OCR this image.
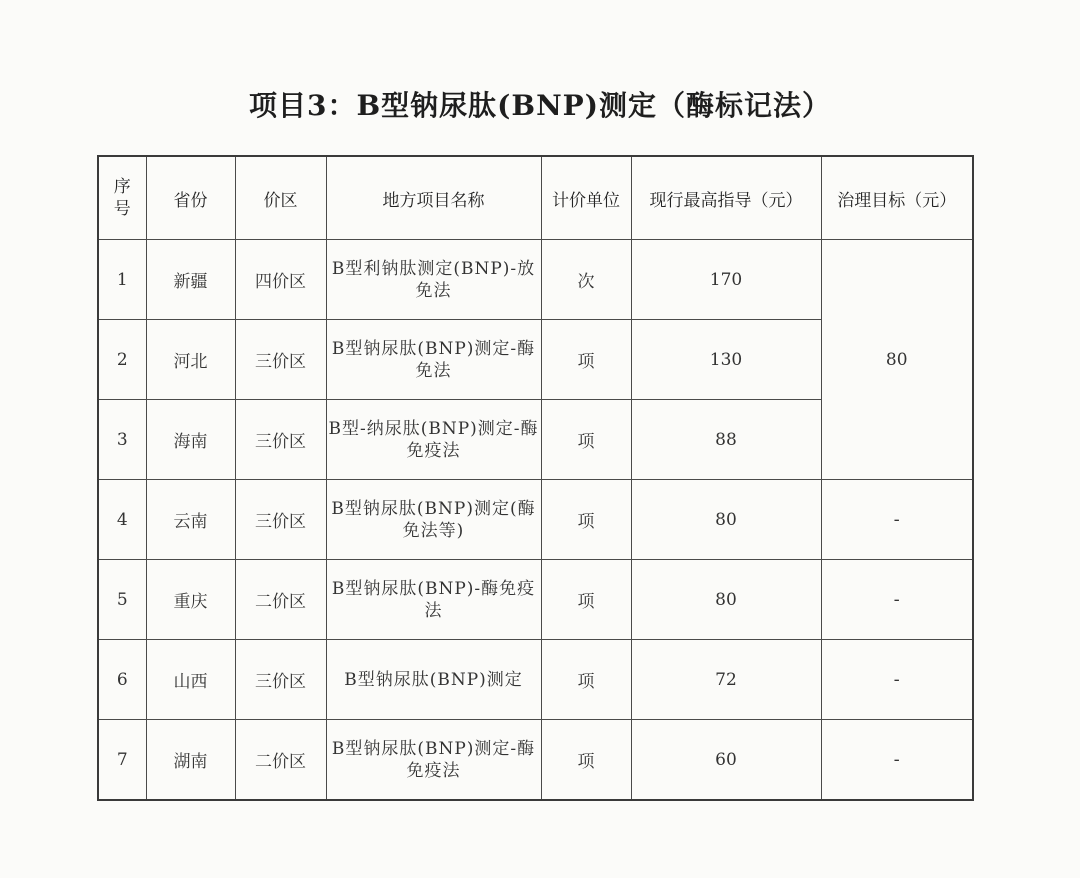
项目3：B型钠尿肽(BNP)测定（酶标记法）
序
号	省份	价区	地方项目名称	计价单位	现行最高指导（元）	治理目标（元）
1	新疆	四价区	B型利钠肽测定(BNP)-放免法	次	170	80
2	河北	三价区	B型钠尿肽(BNP)测定-酶免法	项	130	
3	海南	三价区	B型-纳尿肽(BNP)测定-酶免疫法	项	88	
4	云南	三价区	B型钠尿肽(BNP)测定(酶免法等)	项	80	-
5	重庆	二价区	B型钠尿肽(BNP)-酶免疫法	项	80	-
6	山西	三价区	B型钠尿肽(BNP)测定	项	72	-
7	湖南	二价区	B型钠尿肽(BNP)测定-酶免疫法	项	60	-
